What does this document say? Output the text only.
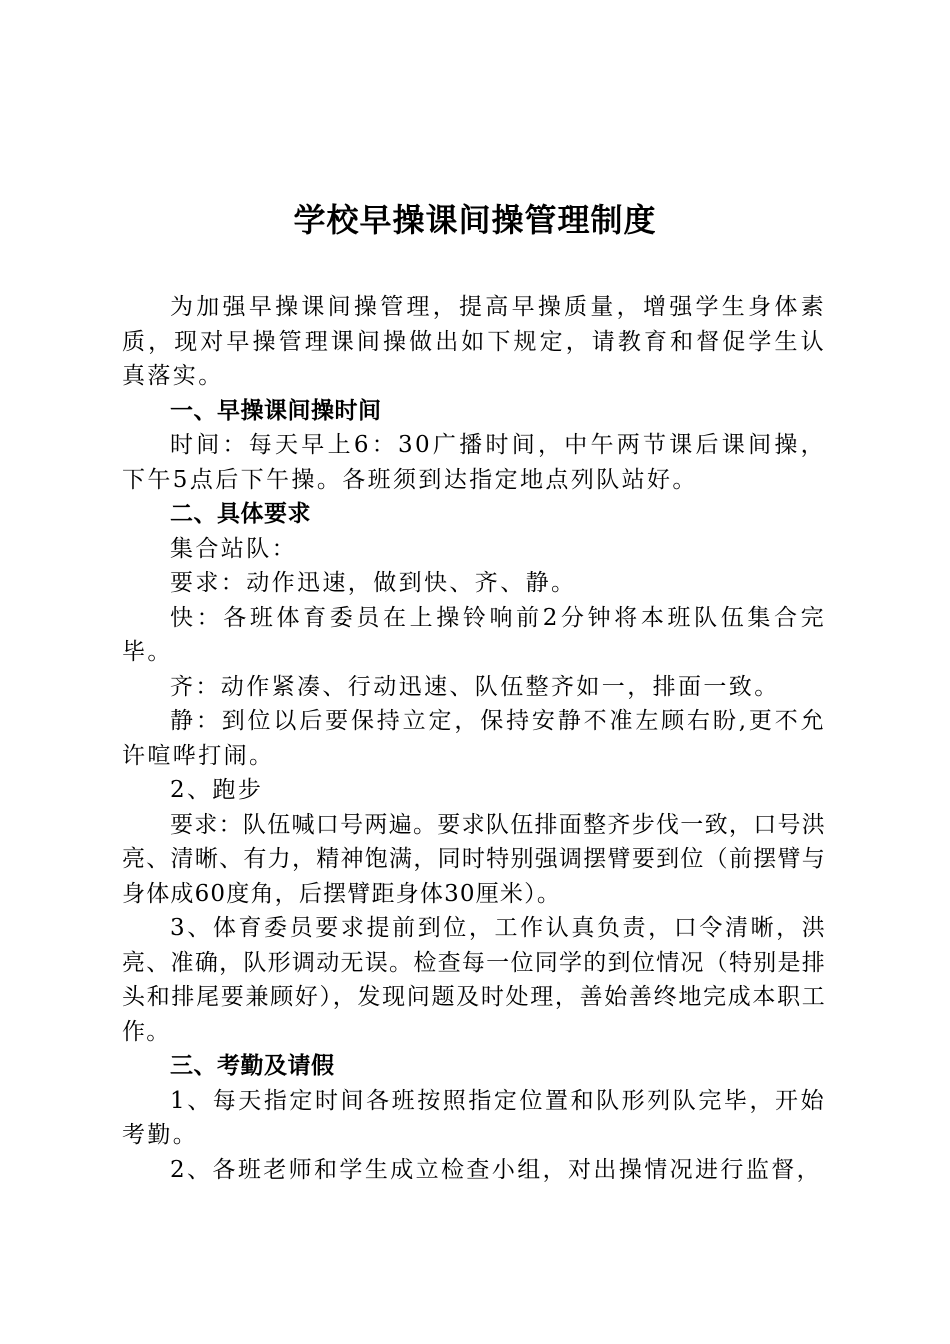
学校早操课间操管理制度

为加强早操课间操管理，提高早操质量，增强学生身体素质，现对早操管理课间操做出如下规定，请教育和督促学生认真落实。

一、早操课间操时间

时间：每天早上6：30广播时间，中午两节课后课间操，下午5点后下午操。各班须到达指定地点列队站好。

二、具体要求

集合站队：

要求：动作迅速，做到快、齐、静。

快：各班体育委员在上操铃响前2分钟将本班队伍集合完毕。

齐：动作紧凑、行动迅速、队伍整齐如一，排面一致。

静：到位以后要保持立定，保持安静不准左顾右盼,更不允许喧哗打闹。

2、跑步

要求：队伍喊口号两遍。要求队伍排面整齐步伐一致，口号洪亮、清晰、有力，精神饱满，同时特别强调摆臂要到位（前摆臂与身体成60度角，后摆臂距身体30厘米）。

3、体育委员要求提前到位，工作认真负责，口令清晰，洪亮、准确，队形调动无误。检查每一位同学的到位情况（特别是排头和排尾要兼顾好），发现问题及时处理，善始善终地完成本职工作。

三、考勤及请假

1、每天指定时间各班按照指定位置和队形列队完毕，开始考勤。

2、各班老师和学生成立检查小组，对出操情况进行监督，
